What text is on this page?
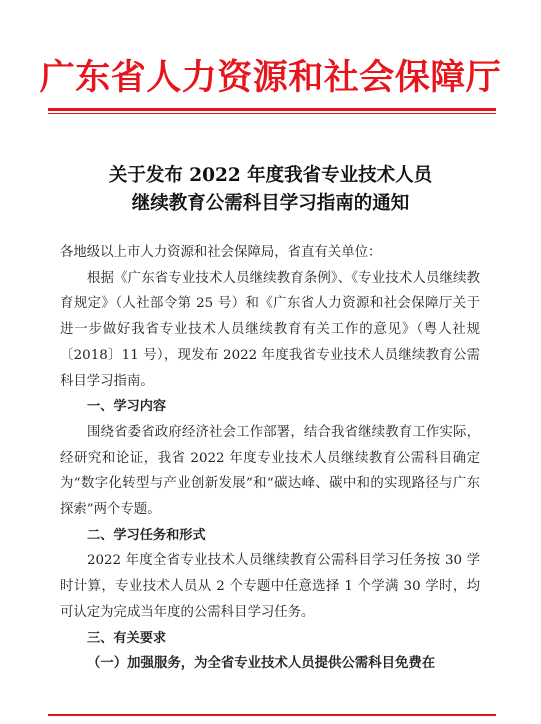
广东省人力资源和社会保障厅
关于发布 2022 年度我省专业技术人员
继续教育公需科目学习指南的通知

各地级以上市人力资源和社会保障局，省直有关单位：

根据《广东省专业技术人员继续教育条例》、《专业技术人员继续教育规定》（人社部令第 25 号）和《广东省人力资源和社会保障厅关于进一步做好我省专业技术人员继续教育有关工作的意见》（粤人社规〔2018〕11 号），现发布 2022 年度我省专业技术人员继续教育公需科目学习指南。

一、学习内容

围绕省委省政府经济社会工作部署，结合我省继续教育工作实际，经研究和论证，我省 2022 年度专业技术人员继续教育公需科目确定为“数字化转型与产业创新发展”和“碳达峰、碳中和的实现路径与广东探索”两个专题。

二、学习任务和形式

2022 年度全省专业技术人员继续教育公需科目学习任务按 30 学时计算，专业技术人员从 2 个专题中任意选择 1 个学满 30 学时，均可认定为完成当年度的公需科目学习任务。

三、有关要求

（一）加强服务，为全省专业技术人员提供公需科目免费在
